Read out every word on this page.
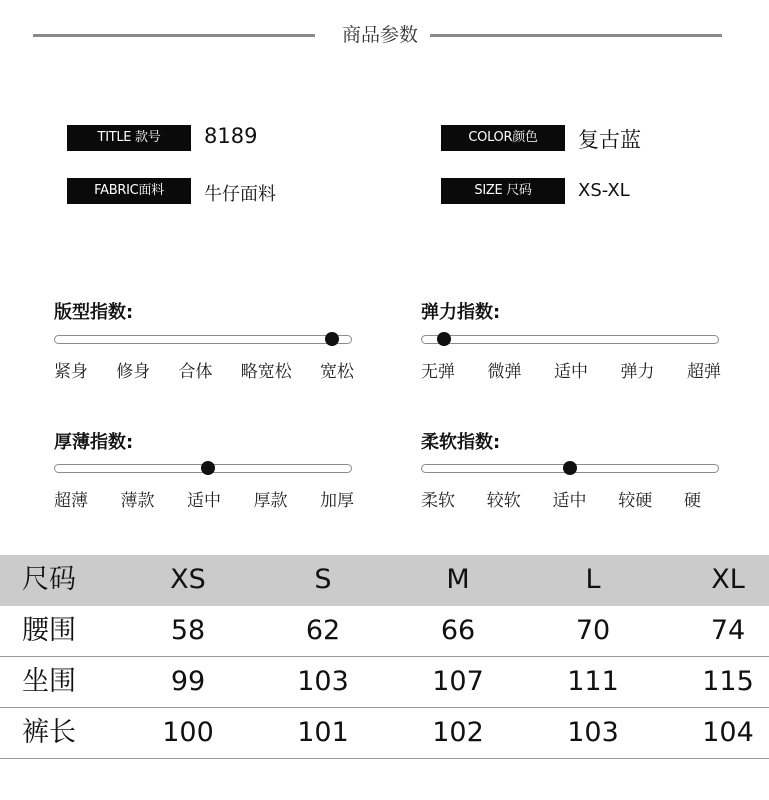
商品参数
TITLE 款号	8189	COLOR颜色	复古蓝
FABRIC面料	牛仔面料	SIZE 尺码	XS-XL
版型指数:
紧身 修身 合体 略宽松 宽松
弹力指数:
无弹 微弹 适中 弹力 超弹
厚薄指数:
超薄 薄款 适中 厚款 加厚
柔软指数:
柔软 较软 适中 较硬 硬
尺码	XS	S	M	L	XL
腰围	58	62	66	70	74
坐围	99	103	107	111	115
裤长	100	101	102	103	104
